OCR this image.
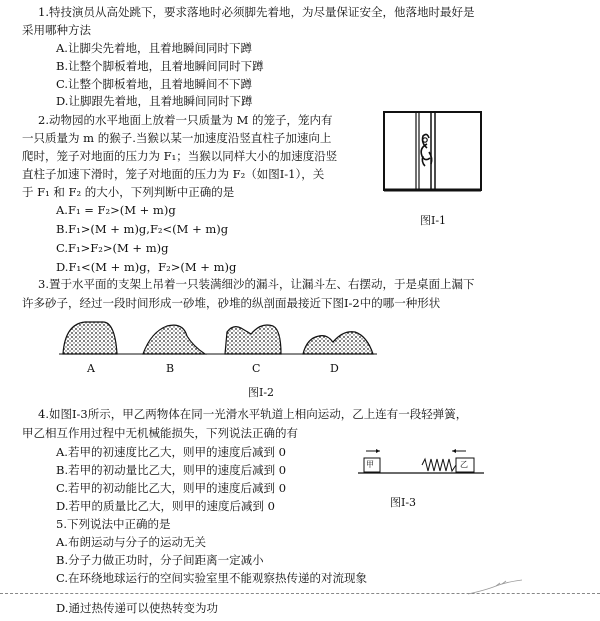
1.特技演员从高处跳下，要求落地时必须脚先着地，为尽量保证安全，他落地时最好是
采用哪种方法
A.让脚尖先着地，且着地瞬间同时下蹲
B.让整个脚板着地，且着地瞬间同时下蹲
C.让整个脚板着地，且着地瞬间不下蹲
D.让脚跟先着地，且着地瞬间同时下蹲
2.动物园的水平地面上放着一只质量为 M 的笼子，笼内有
一只质量为 m 的猴子.当猴以某一加速度沿竖直柱子加速向上
爬时，笼子对地面的压力为 F₁；当猴以同样大小的加速度沿竖
直柱子加速下滑时，笼子对地面的压力为 F₂（如图Ⅰ-1），关
于 F₁ 和 F₂ 的大小，下列判断中正确的是
A.F₁ = F₂>(M + m)g
B.F₁>(M + m)g,F₂<(M + m)g
C.F₁>F₂>(M + m)g
D.F₁<(M + m)g，F₂>(M + m)g
图Ⅰ-1
3.置于水平面的支架上吊着一只装满细沙的漏斗，让漏斗左、右摆动，于是桌面上漏下
许多砂子，经过一段时间形成一砂堆，砂堆的纵剖面最接近下图Ⅰ-2中的哪一种形状
A	B	C	D
图Ⅰ-2
4.如图Ⅰ-3所示，甲乙两物体在同一光滑水平轨道上相向运动，乙上连有一段轻弹簧，
甲乙相互作用过程中无机械能损失，下列说法正确的有
A.若甲的初速度比乙大，则甲的速度后减到 0
B.若甲的初动量比乙大，则甲的速度后减到 0
C.若甲的初动能比乙大，则甲的速度后减到 0
D.若甲的质量比乙大，则甲的速度后减到 0
甲	乙
图Ⅰ-3
5.下列说法中正确的是
A.布朗运动与分子的运动无关
B.分子力做正功时，分子间距离一定减小
C.在环绕地球运行的空间实验室里不能观察热传递的对流现象
D.通过热传递可以使热转变为功
